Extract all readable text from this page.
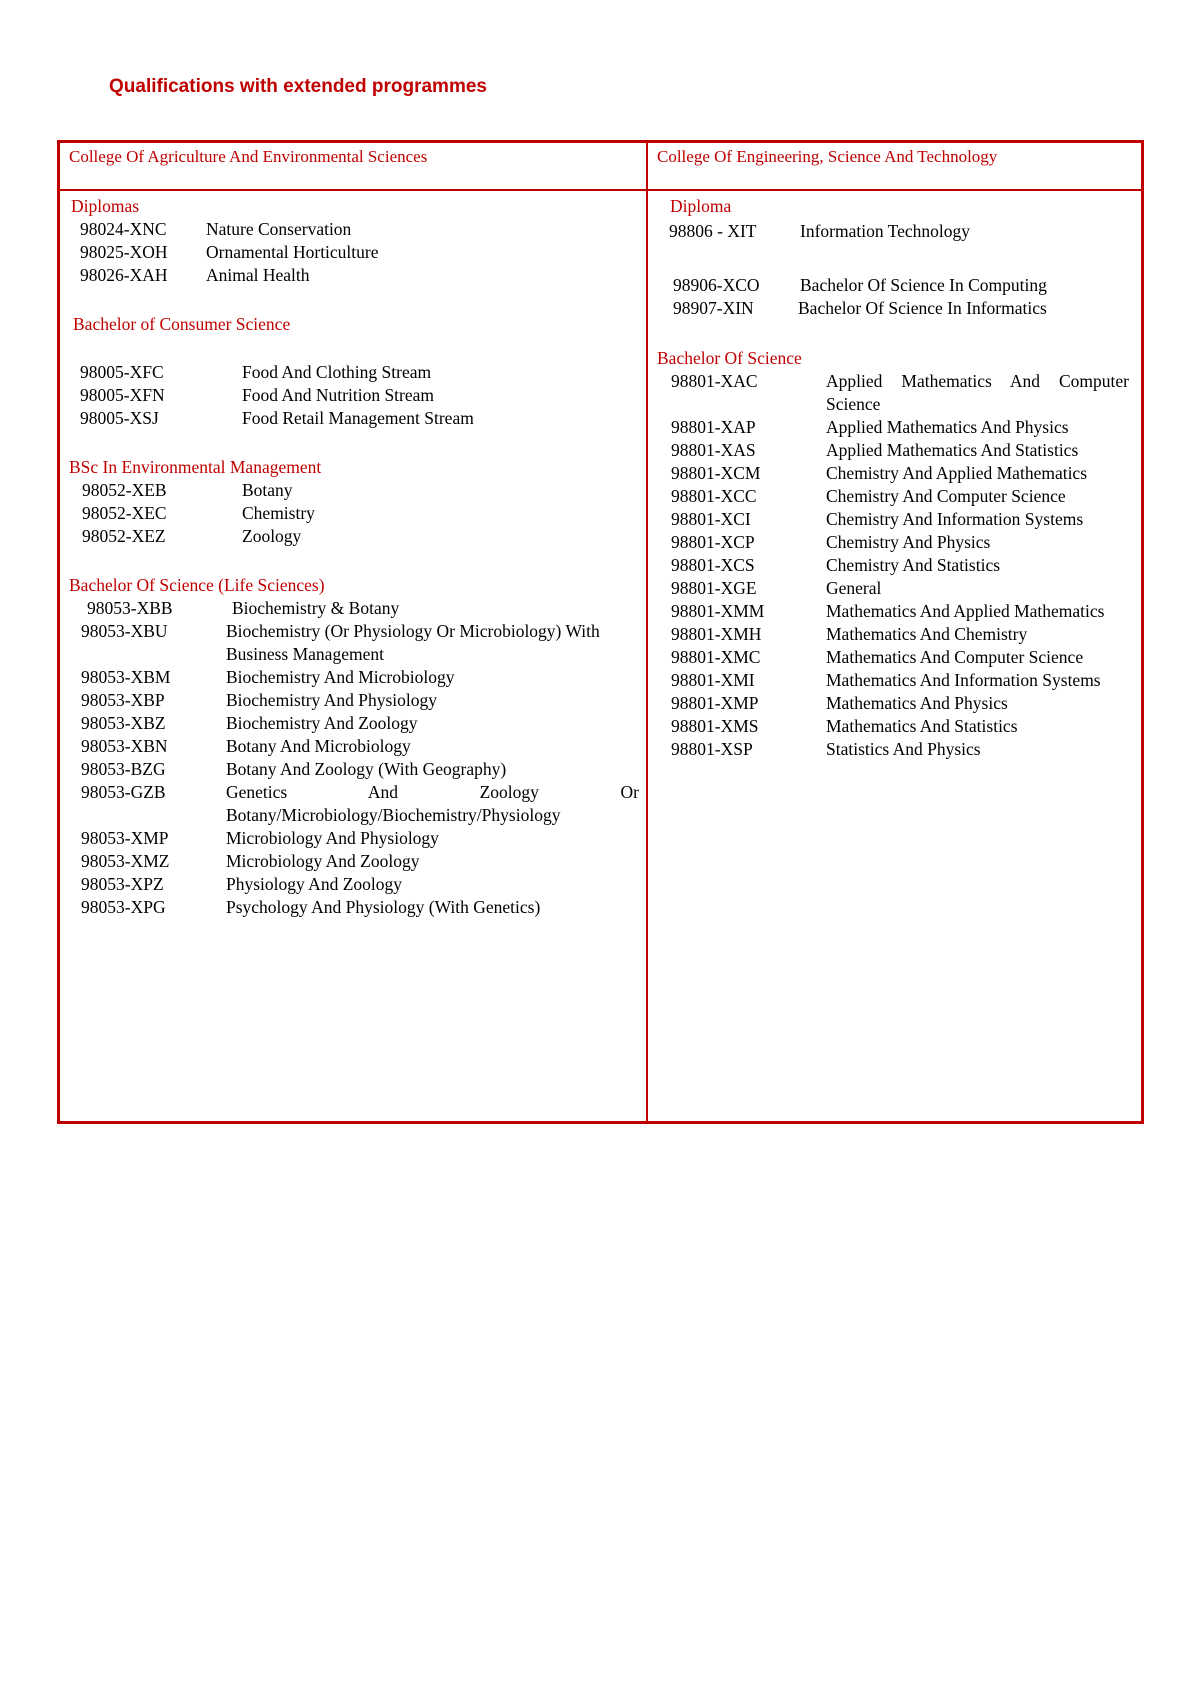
Qualifications with extended programmes
College Of Agriculture And Environmental Sciences	College Of Engineering, Science And Technology
Diplomas
98024-XNC	Nature Conservation
98025-XOH	Ornamental Horticulture
98026-XAH	Animal Health
Bachelor of Consumer Science
98005-XFC	Food And Clothing Stream
98005-XFN	Food And Nutrition Stream
98005-XSJ	Food Retail Management Stream
BSc In Environmental Management
98052-XEB	Botany
98052-XEC	Chemistry
98052-XEZ	Zoology
Bachelor Of Science (Life Sciences)
98053-XBB	Biochemistry & Botany
98053-XBU	Biochemistry (Or Physiology Or Microbiology) With Business Management
98053-XBM	Biochemistry And Microbiology
98053-XBP	Biochemistry And Physiology
98053-XBZ	Biochemistry And Zoology
98053-XBN	Botany And Microbiology
98053-BZG	Botany And Zoology (With Geography)
98053-GZB	Genetics And Zoology Or Botany/Microbiology/Biochemistry/Physiology
98053-XMP	Microbiology And Physiology
98053-XMZ	Microbiology And Zoology
98053-XPZ	Physiology And Zoology
98053-XPG	Psychology And Physiology (With Genetics)
Diploma
98806 - XIT	Information Technology
98906-XCO	Bachelor Of Science In Computing
98907-XIN	Bachelor Of Science In Informatics
Bachelor Of Science
98801-XAC	Applied Mathematics And Computer Science
98801-XAP	Applied Mathematics And Physics
98801-XAS	Applied Mathematics And Statistics
98801-XCM	Chemistry And Applied Mathematics
98801-XCC	Chemistry And Computer Science
98801-XCI	Chemistry And Information Systems
98801-XCP	Chemistry And Physics
98801-XCS	Chemistry And Statistics
98801-XGE	General
98801-XMM	Mathematics And Applied Mathematics
98801-XMH	Mathematics And Chemistry
98801-XMC	Mathematics And Computer Science
98801-XMI	Mathematics And Information Systems
98801-XMP	Mathematics And Physics
98801-XMS	Mathematics And Statistics
98801-XSP	Statistics And Physics
